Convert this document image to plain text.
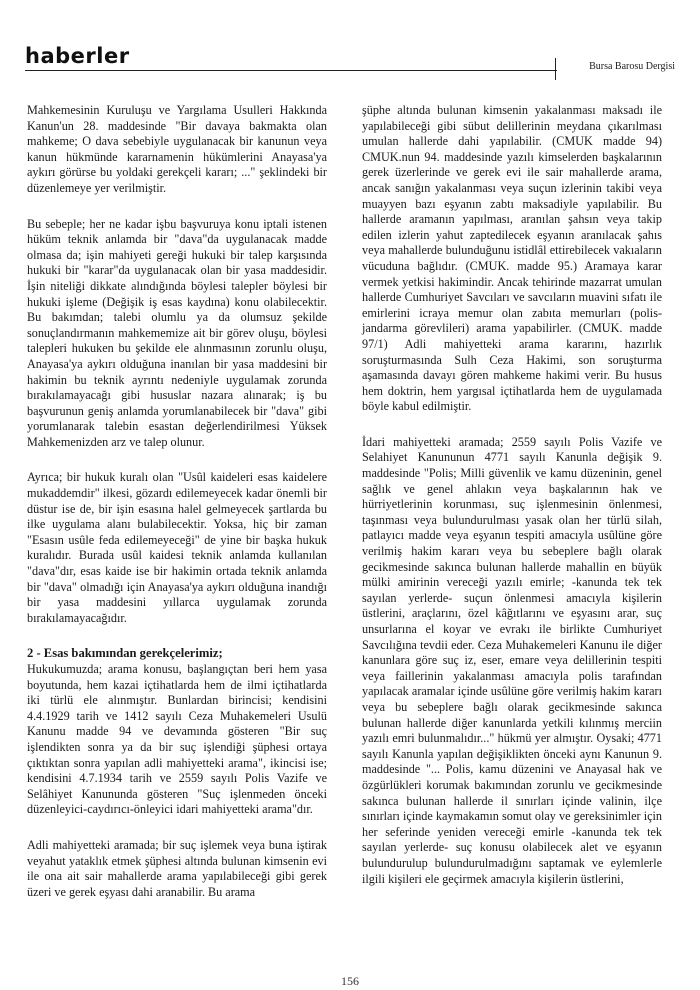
haberler	Bursa Barosu Dergisi

Mahkemesinin Kuruluşu ve Yargılama Usulleri Hakkında Kanun'un 28. maddesinde "Bir davaya bakmakta olan mahkeme; O dava sebebiyle uygulanacak bir kanunun veya kanun hükmünde kararnamenin hükümlerini Anayasa'ya aykırı görürse bu yoldaki gerekçeli kararı; ..." şeklindeki bir düzenlemeye yer verilmiştir.

Bu sebeple; her ne kadar işbu başvuruya konu iptali istenen hüküm teknik anlamda bir "dava"da uygulanacak madde olmasa da; işin mahiyeti gereği hukuki bir talep karşısında hukuki bir "karar"da uygulanacak olan bir yasa maddesidir. İşin niteliği dikkate alındığında böylesi talepler böylesi bir hukuki işleme (Değişik iş esas kaydına) konu olabilecektir. Bu bakımdan; talebi olumlu ya da olumsuz şekilde sonuçlandırmanın mahkememize ait bir görev oluşu, böylesi talepleri hukuken bu şekilde ele alınmasının zorunlu oluşu, Anayasa'ya aykırı olduğuna inanılan bir yasa maddesini bir hakimin bu teknik ayrıntı nedeniyle uygulamak zorunda bırakılamayacağı gibi hususlar nazara alınarak; iş bu başvurunun geniş anlamda yorumlanabilecek bir "dava" gibi yorumlanarak talebin esastan değerlendirilmesi Yüksek Mahkemenizden arz ve talep olunur.

Ayrıca; bir hukuk kuralı olan "Usûl kaideleri esas kaidelere mukaddemdir" ilkesi, gözardı edilemeyecek kadar önemli bir düstur ise de, bir işin esasına halel gelmeyecek şartlarda bu ilke uygulama alanı bulabilecektir. Yoksa, hiç bir zaman "Esasın usûle feda edilemeyeceği" de yine bir başka hukuk kuralıdır. Burada usûl kaidesi teknik anlamda kullanılan "dava"dır, esas kaide ise bir hakimin ortada teknik anlamda bir "dava" olmadığı için Anayasa'ya aykırı olduğuna inandığı bir yasa maddesini yıllarca uygulamak zorunda bırakılamayacağıdır.

2 - Esas bakımından gerekçelerimiz;

Hukukumuzda; arama konusu, başlangıçtan beri hem yasa boyutunda, hem kazai içtihatlarda hem de ilmi içtihatlarda iki türlü ele alınmıştır. Bunlardan birincisi; kendisini 4.4.1929 tarih ve 1412 sayılı Ceza Muhakemeleri Usulü Kanunu madde 94 ve devamında gösteren "Bir suç işlendikten sonra ya da bir suç işlendiği şüphesi ortaya çıktıktan sonra yapılan adli mahiyetteki arama", ikincisi ise; kendisini 4.7.1934 tarih ve 2559 sayılı Polis Vazife ve Selâhiyet Kanununda gösteren "Suç işlenmeden önceki düzenleyici-caydırıcı-önleyici idari mahiyetteki arama"dır.

Adli mahiyetteki aramada; bir suç işlemek veya buna iştirak veyahut yataklık etmek şüphesi altında bulunan kimsenin evi ile ona ait sair mahallerde arama yapılabileceği gibi gerek üzeri ve gerek eşyası dahi aranabilir. Bu arama

şüphe altında bulunan kimsenin yakalanması maksadı ile yapılabileceği gibi sübut delillerinin meydana çıkarılması umulan hallerde dahi yapılabilir. (CMUK madde 94) CMUK.nun 94. maddesinde yazılı kimselerden başkalarının gerek üzerlerinde ve gerek evi ile sair mahallerde arama, ancak sanığın yakalanması veya suçun izlerinin takibi veya muayyen bazı eşyanın zabtı maksadiyle yapılabilir. Bu hallerde aramanın yapılması, aranılan şahsın veya takip edilen izlerin yahut zaptedilecek eşyanın aranılacak şahıs veya mahallerde bulunduğunu istidlâl ettirebilecek vakıaların vücuduna bağlıdır. (CMUK. madde 95.) Aramaya karar vermek yetkisi hakimindir. Ancak tehirinde mazarrat umulan hallerde Cumhuriyet Savcıları ve savcıların muavini sıfatı ile emirlerini icraya memur olan zabıta memurları (polis-jandarma görevlileri) arama yapabilirler. (CMUK. madde 97/1) Adli mahiyetteki arama kararını, hazırlık soruşturmasında Sulh Ceza Hakimi, son soruşturma aşamasında davayı gören mahkeme hakimi verir. Bu husus hem doktrin, hem yargısal içtihatlarda hem de uygulamada böyle kabul edilmiştir.

İdari mahiyetteki aramada; 2559 sayılı Polis Vazife ve Selahiyet Kanununun 4771 sayılı Kanunla değişik 9. maddesinde "Polis; Milli güvenlik ve kamu düzeninin, genel sağlık ve genel ahlakın veya başkalarının hak ve hürriyetlerinin korunması, suç işlenmesinin önlenmesi, taşınması veya bulundurulması yasak olan her türlü silah, patlayıcı madde veya eşyanın tespiti amacıyla usûlüne göre verilmiş hakim kararı veya bu sebeplere bağlı olarak gecikmesinde sakınca bulunan hallerde mahallin en büyük mülki amirinin vereceği yazılı emirle; -kanunda tek tek sayılan yerlerde- suçun önlenmesi amacıyla kişilerin üstlerini, araçlarını, özel kâğıtlarını ve eşyasını arar, suç unsurlarına el koyar ve evrakı ile birlikte Cumhuriyet Savcılığına tevdii eder. Ceza Muhakemeleri Kanunu ile diğer kanunlara göre suç iz, eser, emare veya delillerinin tespiti veya faillerinin yakalanması amacıyla polis tarafından yapılacak aramalar içinde usûlüne göre verilmiş hakim kararı veya bu sebeplere bağlı olarak gecikmesinde sakınca bulunan hallerde diğer kanunlarda yetkili kılınmış merciin yazılı emri bulunmalıdır..." hükmü yer almıştır. Oysaki; 4771 sayılı Kanunla yapılan değişiklikten önceki aynı Kanunun 9. maddesinde "... Polis, kamu düzenini ve Anayasal hak ve özgürlükleri korumak bakımından zorunlu ve gecikmesinde sakınca bulunan hallerde il sınırları içinde valinin, ilçe sınırları içinde kaymakamın somut olay ve gereksinimler için her seferinde yeniden vereceği emirle -kanunda tek tek sayılan yerlerde- suç konusu olabilecek alet ve eşyanın bulundurulup bulundurulmadığını saptamak ve eylemlerle ilgili kişileri ele geçirmek amacıyla kişilerin üstlerini,

156
